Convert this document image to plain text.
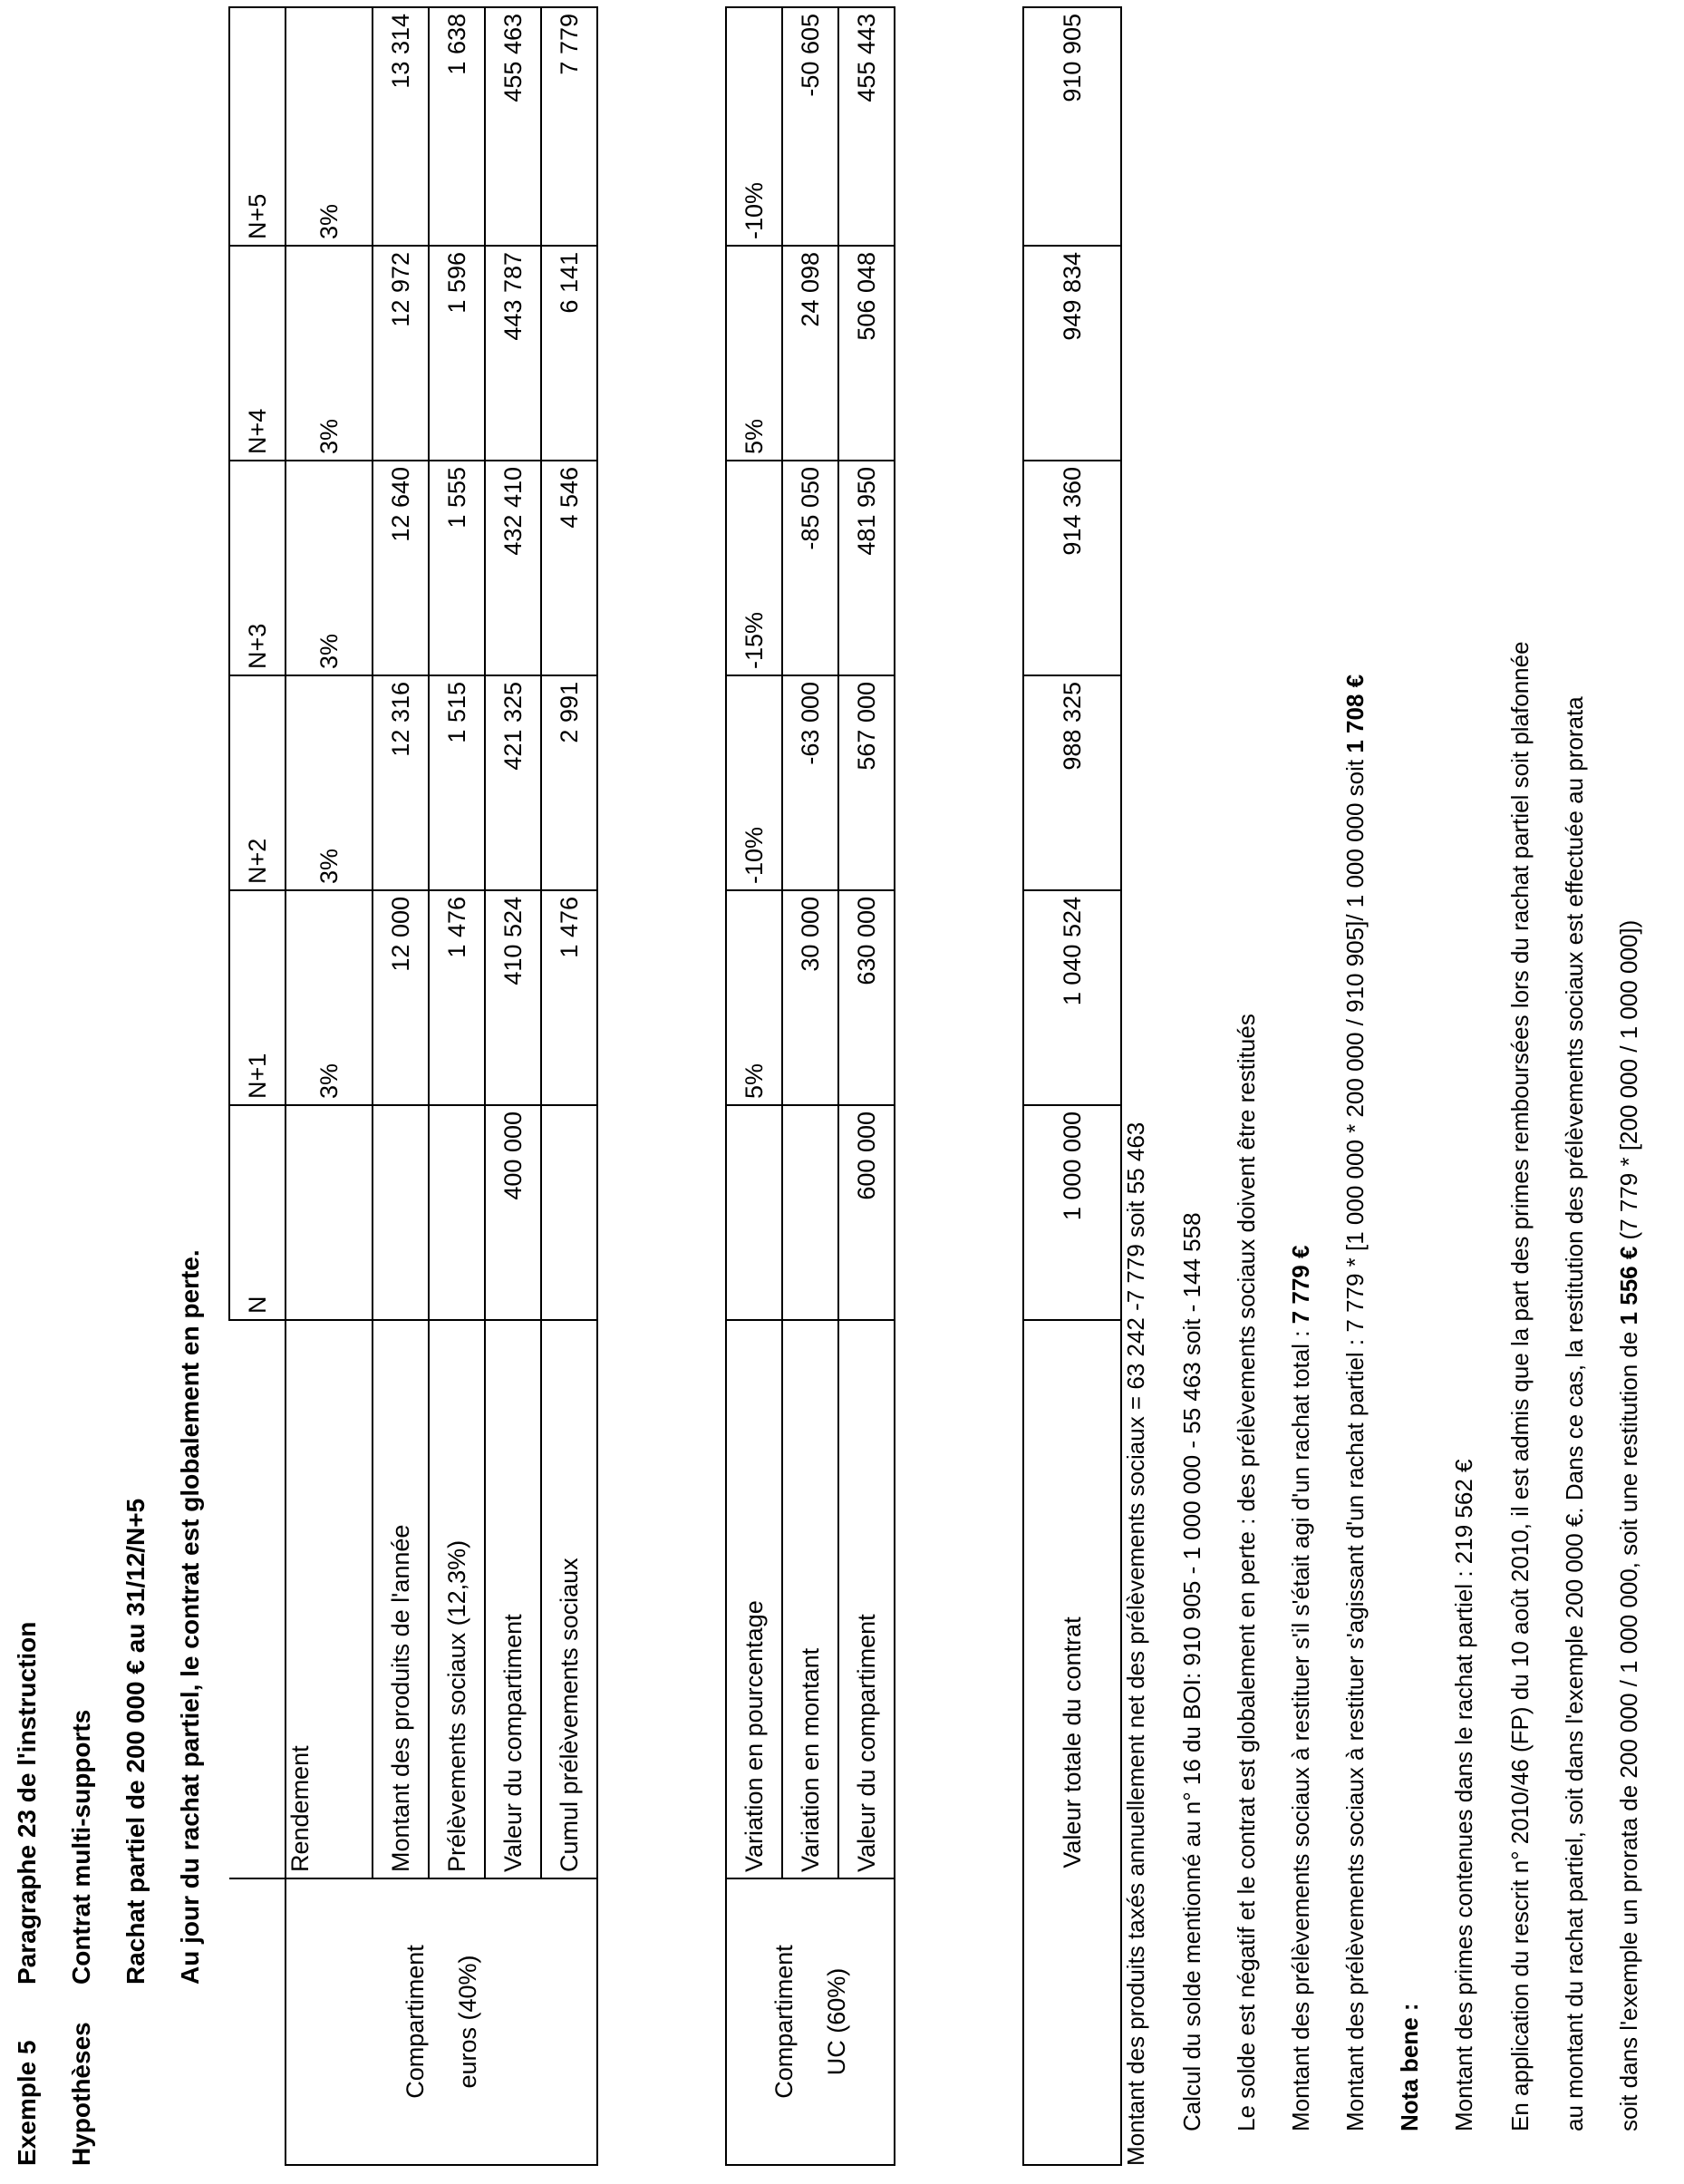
Exemple 5
Paragraphe 23 de l'instruction
Hypothèses
Contrat multi-supports Rachat partiel de 200 000 € au 31/12/N+5 Au jour du rachat partiel, le contrat est globalement en perte.
		N	N+1	N+2	N+3	N+4	N+5

Compartiment euros (40%)	Rendement		3%	3%	3%	3%	3%
	Montant des produits de l'année		12 000	12 316	12 640	12 972	13 314
	Prélèvements sociaux (12,3%)		1 476	1 515	1 555	1 596	1 638
	Valeur du compartiment	400 000	410 524	421 325	432 410	443 787	455 463
	Cumul prélèvements sociaux		1 476	2 991	4 546	6 141	7 779
Compartiment UC (60%)	Variation en pourcentage		5%	-10%	-15%	5%	-10%
	Variation en montant		30 000	-63 000	-85 050	24 098	-50 605
	Valeur du compartiment	600 000	630 000	567 000	481 950	506 048	455 443
Valeur totale du contrat	1 000 000	1 040 524	988 325	914 360	949 834	910 905
Montant des produits taxés annuellement net des prélèvements sociaux = 63 242 -7 779 soit 55 463 Calcul du solde mentionné au n° 16 du BOI: 910 905 - 1 000 000 - 55 463 soit - 144 558 Le solde est négatif et le contrat est globalement en perte : des prélèvements sociaux doivent être restitués Montant des prélèvements sociaux à restituer s'il s'était agi d'un rachat total : 7 779 € Montant des prélèvements sociaux à restituer s'agissant d'un rachat partiel : 7 779 * [1 000 000 * 200 000 / 910 905]/ 1 000 000 soit 1 708 €
Nota bene : Montant des primes contenues dans le rachat partiel : 219 562 € En application du rescrit n° 2010/46 (FP) du 10 août 2010, il est admis que la part des primes remboursées lors du rachat partiel soit plafonnée au montant du rachat partiel, soit dans l'exemple 200 000 €. Dans ce cas, la restitution des prélèvements sociaux est effectuée au prorata soit dans l'exemple un prorata de 200 000 / 1 000 000, soit une restitution de 1 556 € (7 779 * [200 000 / 1 000 000])
